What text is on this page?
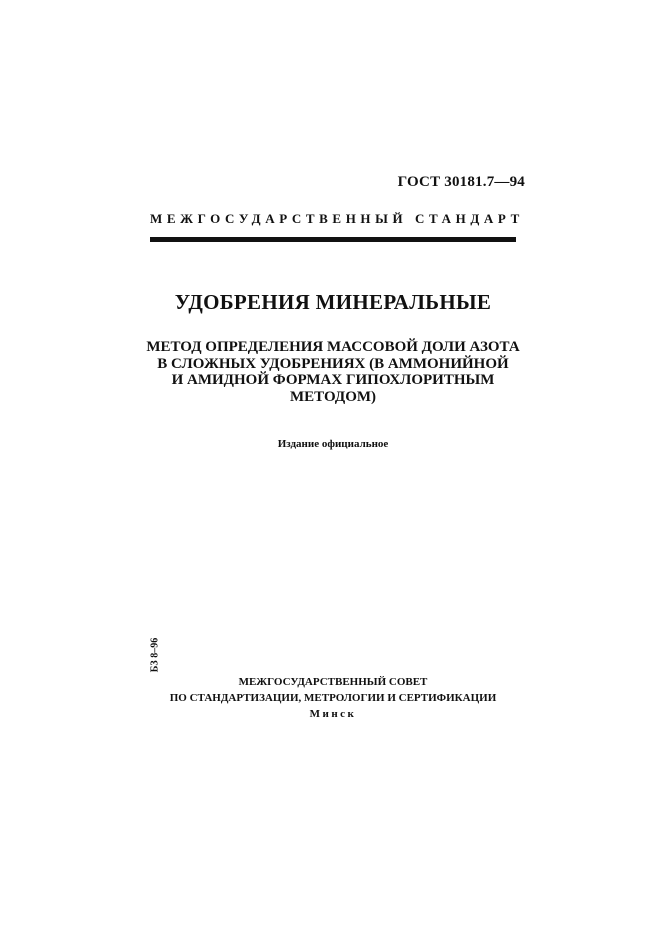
ГОСТ 30181.7—94
МЕЖГОСУДАРСТВЕННЫЙ СТАНДАРТ
УДОБРЕНИЯ МИНЕРАЛЬНЫЕ
МЕТОД ОПРЕДЕЛЕНИЯ МАССОВОЙ ДОЛИ АЗОТА
В СЛОЖНЫХ УДОБРЕНИЯХ (В АММОНИЙНОЙ
И АМИДНОЙ ФОРМАХ ГИПОХЛОРИТНЫМ
МЕТОДОМ)
Издание официальное
БЗ 8–96
МЕЖГОСУДАРСТВЕННЫЙ СОВЕТ
ПО СТАНДАРТИЗАЦИИ, МЕТРОЛОГИИ И СЕРТИФИКАЦИИ
Минск
